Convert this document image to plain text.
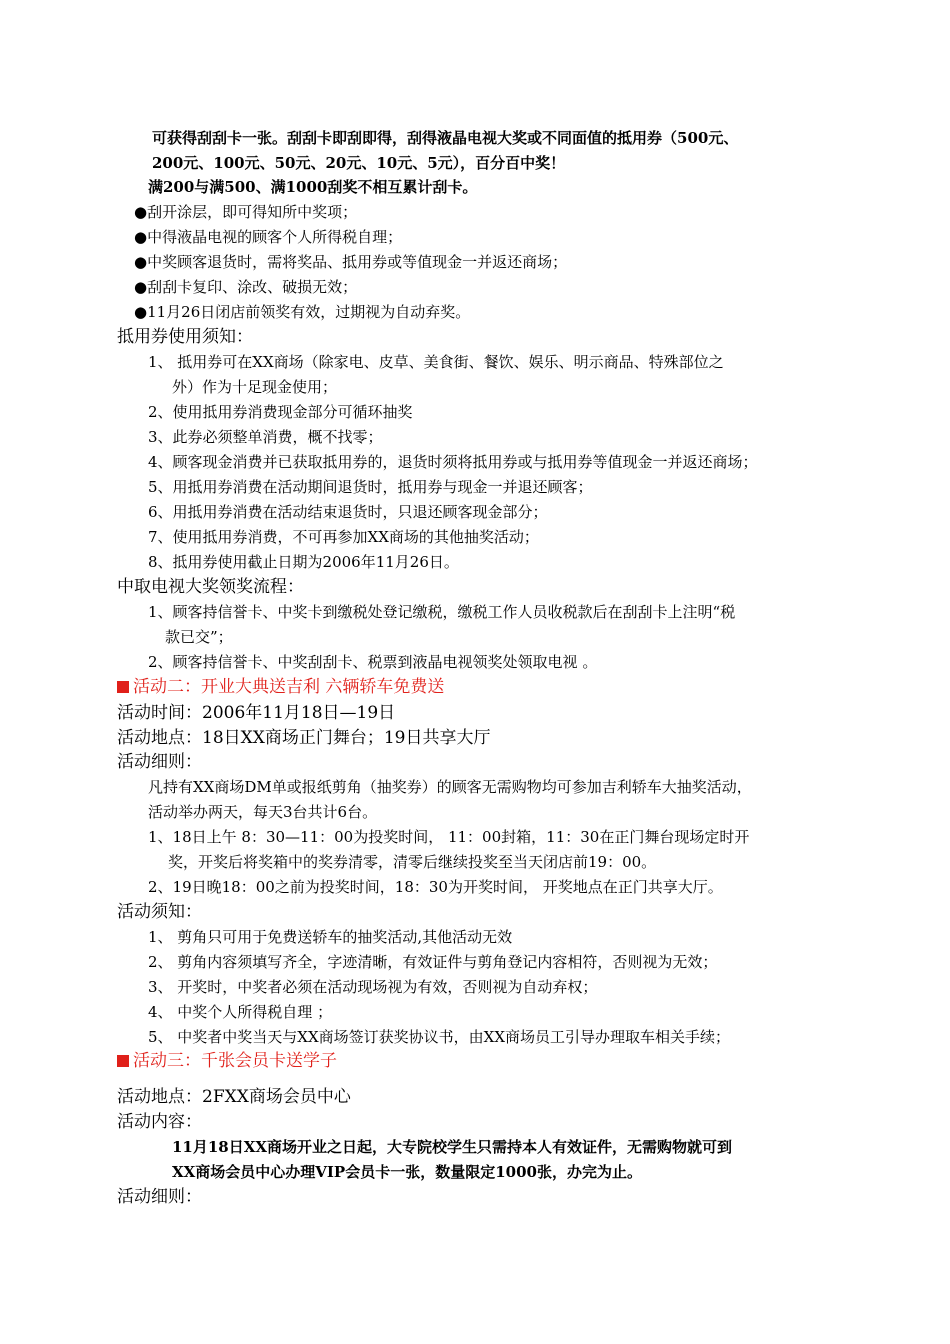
可获得刮刮卡一张。刮刮卡即刮即得，刮得液晶电视大奖或不同面值的抵用券（500元、
200元、100元、50元、20元、10元、5元），百分百中奖！
满200与满500、满1000刮奖不相互累计刮卡。
●刮开涂层，即可得知所中奖项；
●中得液晶电视的顾客个人所得税自理；
●中奖顾客退货时，需将奖品、抵用券或等值现金一并返还商场；
●刮刮卡复印、涂改、破损无效；
●11月26日闭店前领奖有效，过期视为自动弃奖。
抵用券使用须知：
1、 抵用券可在XX商场（除家电、皮草、美食街、餐饮、娱乐、明示商品、特殊部位之
外）作为十足现金使用；
2、使用抵用券消费现金部分可循环抽奖
3、此券必须整单消费，概不找零；
4、顾客现金消费并已获取抵用券的，退货时须将抵用券或与抵用券等值现金一并返还商场；
5、用抵用券消费在活动期间退货时，抵用券与现金一并退还顾客；
6、用抵用券消费在活动结束退货时，只退还顾客现金部分；
7、使用抵用券消费，不可再参加XX商场的其他抽奖活动；
8、抵用券使用截止日期为2006年11月26日。
中取电视大奖领奖流程：
1、顾客持信誉卡、中奖卡到缴税处登记缴税，缴税工作人员收税款后在刮刮卡上注明“税
款已交”；
2、顾客持信誉卡、中奖刮刮卡、税票到液晶电视领奖处领取电视 。
活动二：开业大典送吉利 六辆轿车免费送
活动时间：2006年11月18日—19日
活动地点：18日XX商场正门舞台；19日共享大厅
活动细则：
凡持有XX商场DM单或报纸剪角（抽奖券）的顾客无需购物均可参加吉利轿车大抽奖活动，
活动举办两天，每天3台共计6台。
1、18日上午 8：30—11：00为投奖时间， 11：00封箱，11：30在正门舞台现场定时开
奖，开奖后将奖箱中的奖券清零，清零后继续投奖至当天闭店前19：00。
2、19日晚18：00之前为投奖时间，18：30为开奖时间， 开奖地点在正门共享大厅。
活动须知：
1、 剪角只可用于免费送轿车的抽奖活动,其他活动无效
2、 剪角内容须填写齐全，字迹清晰，有效证件与剪角登记内容相符，否则视为无效；
3、 开奖时，中奖者必须在活动现场视为有效，否则视为自动弃权；
4、 中奖个人所得税自理 ；
5、 中奖者中奖当天与XX商场签订获奖协议书，由XX商场员工引导办理取车相关手续；
活动三：千张会员卡送学子
活动地点：2FXX商场会员中心
活动内容：
11月18日XX商场开业之日起，大专院校学生只需持本人有效证件，无需购物就可到
XX商场会员中心办理VIP会员卡一张，数量限定1000张，办完为止。
活动细则：
